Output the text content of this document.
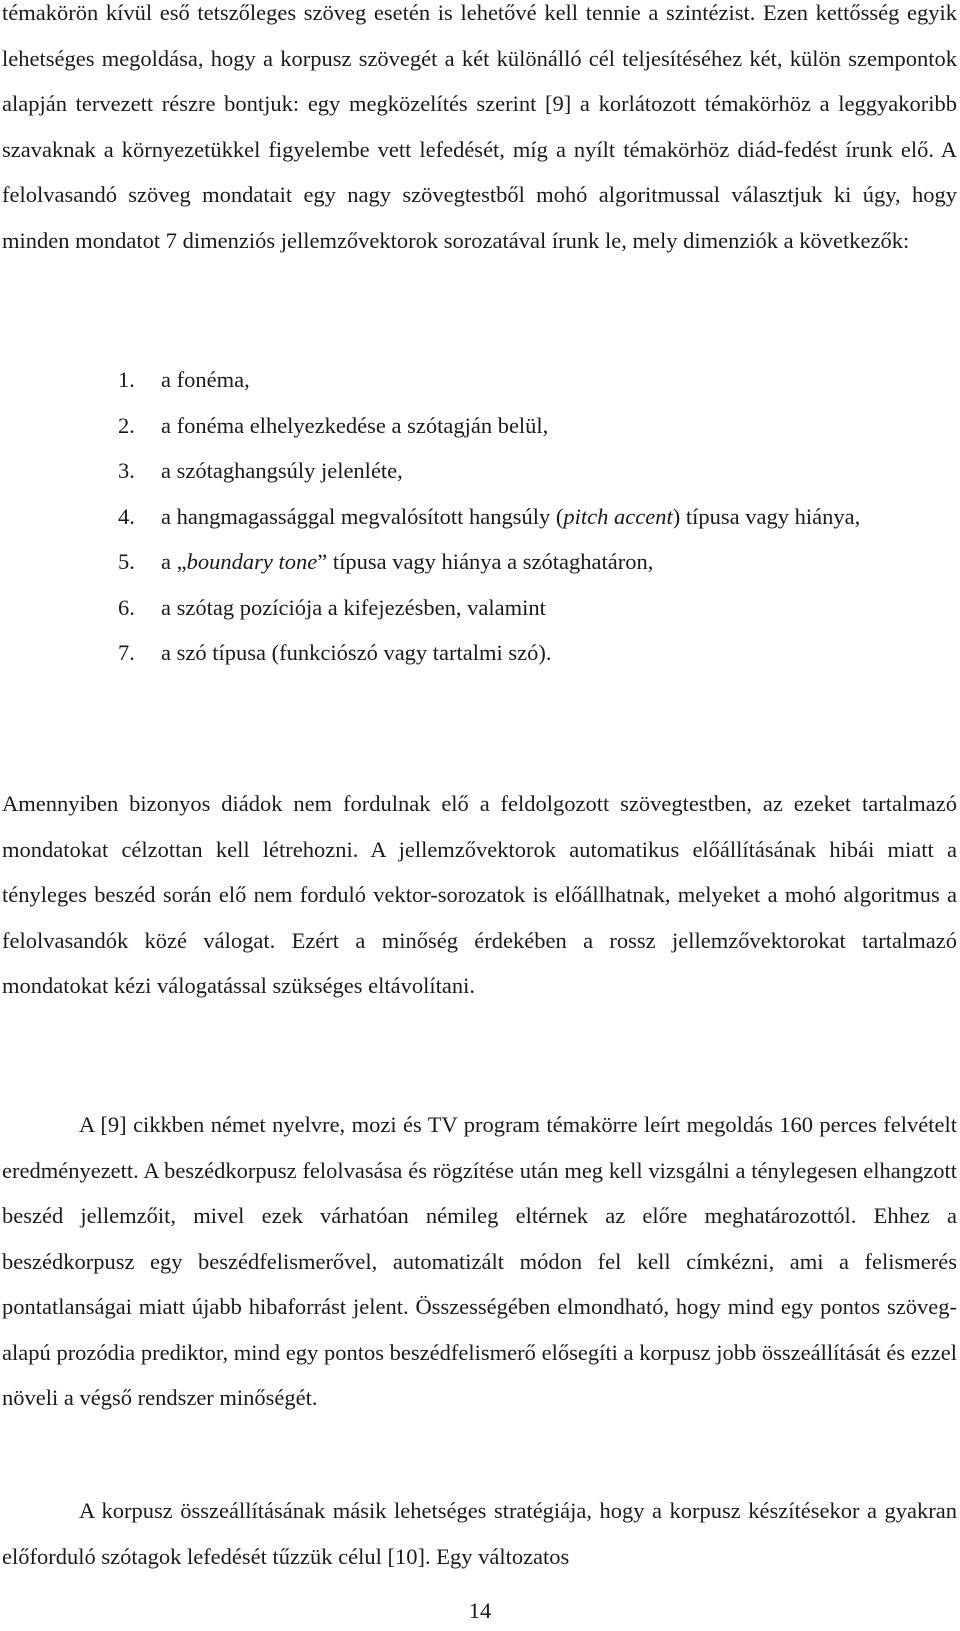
témakörön kívül eső tetszőleges szöveg esetén is lehetővé kell tennie a szintézist. Ezen kettősség egyik lehetséges megoldása, hogy a korpusz szövegét a két különálló cél teljesítéséhez két, külön szempontok alapján tervezett részre bontjuk: egy megközelítés szerint [9] a korlátozott témakörhöz a leggyakoribb szavaknak a környezetükkel figyelembe vett lefedését, míg a nyílt témakörhöz diád-fedést írunk elő. A felolvasandó szöveg mondatait egy nagy szövegtestből mohó algoritmussal választjuk ki úgy, hogy minden mondatot 7 dimenziós jellemzővektorok sorozatával írunk le, mely dimenziók a következők:

1. a fonéma,
2. a fonéma elhelyezkedése a szótagján belül,
3. a szótaghangsúly jelenléte,
4. a hangmagassággal megvalósított hangsúly (pitch accent) típusa vagy hiánya,
5. a „boundary tone” típusa vagy hiánya a szótaghatáron,
6. a szótag pozíciója a kifejezésben, valamint
7. a szó típusa (funkciószó vagy tartalmi szó).

Amennyiben bizonyos diádok nem fordulnak elő a feldolgozott szövegtestben, az ezeket tartalmazó mondatokat célzottan kell létrehozni. A jellemzővektorok automatikus előállításának hibái miatt a tényleges beszéd során elő nem forduló vektor-sorozatok is előállhatnak, melyeket a mohó algoritmus a felolvasandók közé válogat. Ezért a minőség érdekében a rossz jellemzővektorokat tartalmazó mondatokat kézi válogatással szükséges eltávolítani.

A [9] cikkben német nyelvre, mozi és TV program témakörre leírt megoldás 160 perces felvételt eredményezett. A beszédkorpusz felolvasása és rögzítése után meg kell vizsgálni a ténylegesen elhangzott beszéd jellemzőit, mivel ezek várhatóan némileg eltérnek az előre meghatározottól. Ehhez a beszédkorpusz egy beszédfelismerővel, automatizált módon fel kell címkézni, ami a felismerés pontatlanságai miatt újabb hibaforrást jelent. Összességében elmondható, hogy mind egy pontos szöveg-alapú prozódia prediktor, mind egy pontos beszédfelismerő elősegíti a korpusz jobb összeállítását és ezzel növeli a végső rendszer minőségét.

A korpusz összeállításának másik lehetséges stratégiája, hogy a korpusz készítésekor a gyakran előforduló szótagok lefedését tűzzük célul [10]. Egy változatos

14
